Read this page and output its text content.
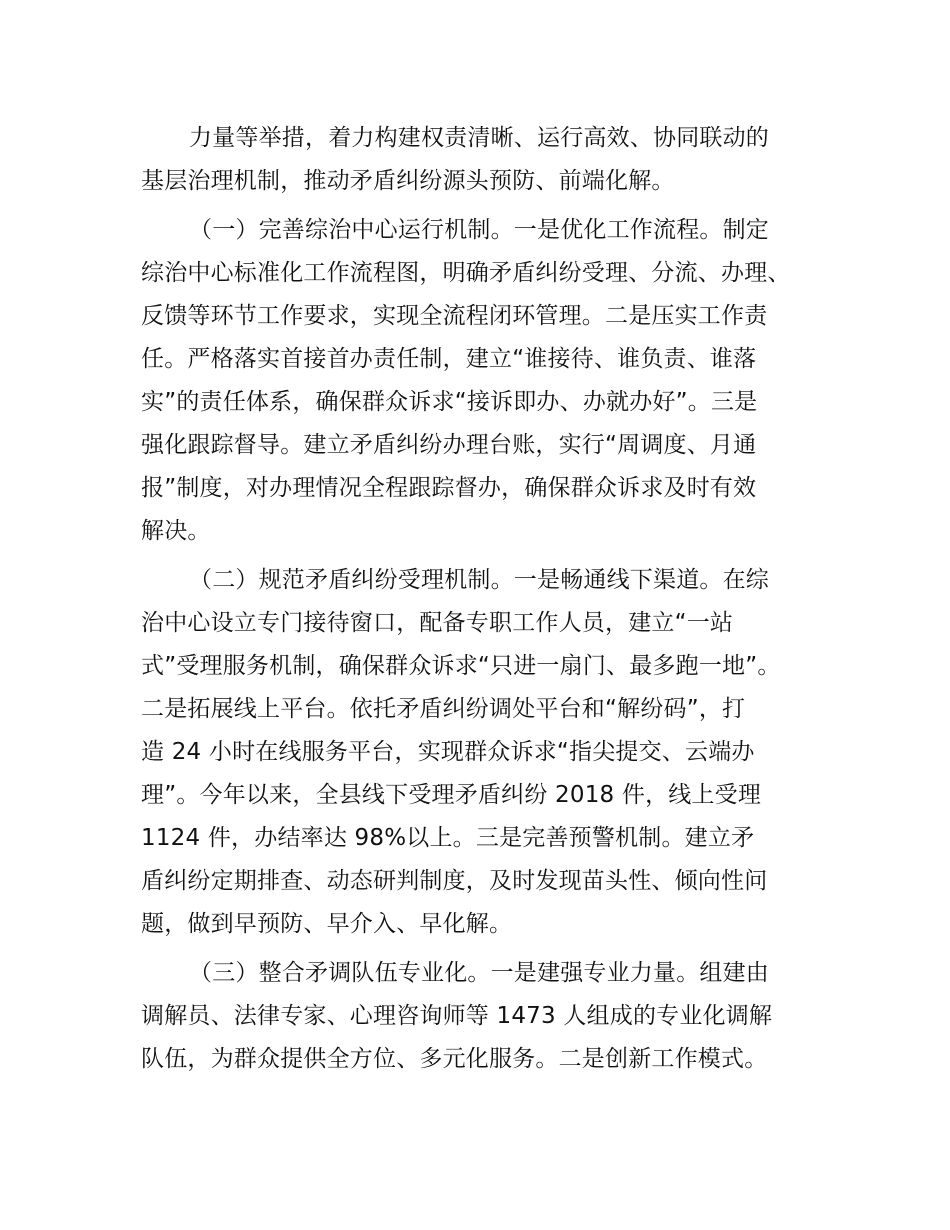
力量等举措，着力构建权责清晰、运行高效、协同联动的
基层治理机制，推动矛盾纠纷源头预防、前端化解。
（一）完善综治中心运行机制。一是优化工作流程。制定
综治中心标准化工作流程图，明确矛盾纠纷受理、分流、办理、
反馈等环节工作要求，实现全流程闭环管理。二是压实工作责
任。严格落实首接首办责任制，建立“谁接待、谁负责、谁落
实”的责任体系，确保群众诉求“接诉即办、办就办好”。三是
强化跟踪督导。建立矛盾纠纷办理台账，实行“周调度、月通
报”制度，对办理情况全程跟踪督办，确保群众诉求及时有效
解决。
（二）规范矛盾纠纷受理机制。一是畅通线下渠道。在综
治中心设立专门接待窗口，配备专职工作人员，建立“一站
式”受理服务机制，确保群众诉求“只进一扇门、最多跑一地”。
二是拓展线上平台。依托矛盾纠纷调处平台和“解纷码”，打
造 24 小时在线服务平台，实现群众诉求“指尖提交、云端办
理”。今年以来，全县线下受理矛盾纠纷 2018 件，线上受理
1124 件，办结率达 98%以上。三是完善预警机制。建立矛
盾纠纷定期排查、动态研判制度，及时发现苗头性、倾向性问
题，做到早预防、早介入、早化解。
（三）整合矛调队伍专业化。一是建强专业力量。组建由
调解员、法律专家、心理咨询师等 1473 人组成的专业化调解
队伍，为群众提供全方位、多元化服务。二是创新工作模式。
